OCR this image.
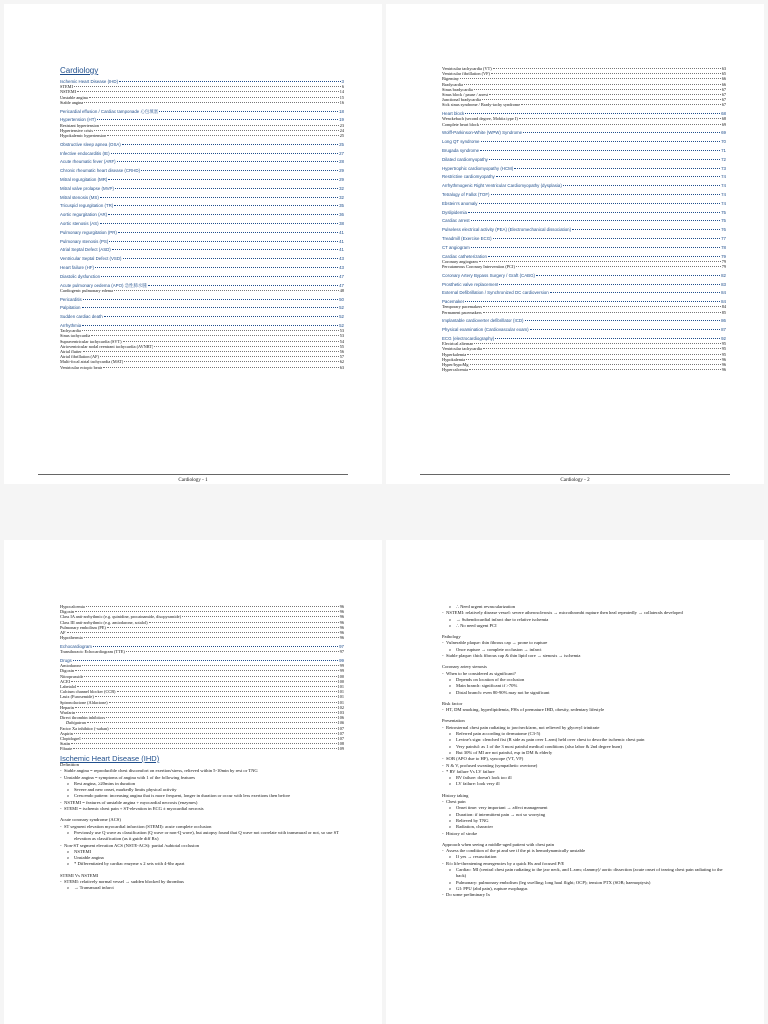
Cardiology
Ischemic Heart Disease (IHD)	3
STEMI	6
NSTEMI	14
Unstable angina	15
Stable angina	16
Pericardial effusion / Cardiac tamponade 心包填塞	18
Hypertension (HT)	19
Resistant hypertension	23
Hypertensive crisis	24
Hypokalemic hypertension	25
Obstructive sleep apnea (OSA)	25
Infective endocarditis (IE)	27
Acute rheumatic fever (ARF)	28
Chronic rheumatic heart disease (CRHD)	29
Mitral regurgitation (MR)	29
Mitral valve prolapse (MVP)	32
Mitral stenosis (MS)	32
Tricuspid regurgitation (TR)	35
Aortic regurgitation (AR)	36
Aortic stenosis (AS)	38
Pulmonary regurgitation (PR)	41
Pulmonary stenosis (PS)	41
Atrial Septal Defect (ASD)	41
Ventricular Septal Defect (VSD)	43
Heart failure (HF)	43
Diastolic dysfunction	47
Acute pulmonary oedema (APO) 急性肺水腫	47
Cardiogenic pulmonary edema	48
Pericarditis	50
Palpitation	52
Sudden cardiac death	52
Arrhythmia	52
Tachycardia	53
Sinus tachycardia	53
Supraventricular tachycardia (SVT)	54
Atrioventricular nodal reentrant tachycardia (AVNRT)	55
Atrial flutter	56
Atrial fibrillation (AF)	57
Multi-focal atrial tachycardia (MAT)	62
Ventricular ectopic beats	63
Cardiology - 1
Ventricular tachycardia (VT)	63
Ventricular fibrillation (VF)	65
Bigeminy	66
Bradycardia	66
Sinus bradycardia	67
Sinus block / pause / arrest	67
Junctional bradycardia	67
Sick sinus syndrome / Brady-tachy syndrome	67
Heart block	68
Wenckebach (second degree, Mobitz type I)	68
Complete heart block	69
Wolff-Parkinson-White (WPW) Syndrome	69
Long QT syndrome	70
Brugada syndrome	71
Dilated cardiomyopathy	72
Hypertrophic cardiomyopathy (HCM)	73
Restrictive cardiomyopathy	74
Arrhythmogenic Right Ventricular Cardiomyopathy (dysplasia)	74
Tetralogy of Fallot (TOF)	74
Ebstein's anomaly	74
Dyslipidemia	75
Cardiac arrest	75
Pulseless electrical activity (PEA) (Electromechanical dissociation)	76
Treadmill (Exercise ECG)	77
CT angiogram	78
Cardiac catheterization	79
Coronary angiogram	79
Percutaneous Coronary Intervention (PCI)	79
Coronary Artery Bypass Surgery / Graft (CABG)	82
Prosthetic valve replacement	83
External Defibrillation / Synchronized DC cardioversion	84
Pacemaker	84
Temporary pacemakers	84
Permanent pacemakers	85
Implantable cardioverter defibrillator (ICD)	86
Physical examination (Cardiovascular exam)	87
ECG (electrocardiography)	92
Electrical alternan	95
Ventricular tachycardia	95
Hyperkalemia	95
Hypokalemia	96
Hyper/hypoMg	96
Hypercalcemia	96
Cardiology - 2
Hypocalcemia	96
Digoxin	96
Class IA anti-arrhythmic (e.g. quinidine, procainamide, disopyramide)	96
Class III anti-arrhythmic (e.g. amiodarone, sotalol)	96
Pulmonary embolism (PE)	96
AF	96
Hypothermia	96
Echocardiogram	97
Transthoracic Echocardiogram (TTE)	97
Drugs	99
Amiodarone	99
Digoxin	99
Nitroprusside	100
ACEI	100
Labetalol	101
Calcium channel blocker (CCB)	101
Lasix (Furosemide)	101
Spironolactone (Aldactone)	101
Heparin	102
Warfarin	103
Direct thrombin inhibitors	106
Dabigatran	106
Factor Xa inhibitor (-xaban)	107
Aspirin	107
Clopidogrel	107
Statin	108
Fibrate	109
Ischemic Heart Disease (IHD)
Definition
- Stable angina = reproducible chest discomfort on exertion/stress, relieved within 5-10min by rest or TNG
- Unstable angina = symptoms of angina with 1 of the following features
o Rest angina, ≥20mins in duration
o Severe and new onset, markedly limits physical activity
o Crescendo pattern: increasing angina that is more frequent, longer in duration or occur with less exertions then before
- NSTEMI = features of unstable angina + myocardial necrosis (enzymes)
- STEMI = ischemic chest pain + ST-elevation in ECG ± myocardial necrosis
Acute coronary syndrome (ACS)
- ST segment elevation myocardial infarction (STEMI): acute complete occlusion
o Previously use Q wave as classification (Q wave or non-Q wave), but autopsy found that Q wave not correlate with transmural or not, so use ST elevation as classification (as it guide diff Rx)
- Non-ST segment elevation ACS (NSTE-ACS): partial /subtotal occlusion
o NSTEMI
o Unstable angina
o * Differentiated by cardiac enzyme x 2 sets with 4-6hr apart
STEMI Vs NSTEMI
- STEMI: relatively normal vessel → sudden blocked by thrombus
o → Transmural infarct
o ∴ Need urgent revascularization
- NSTEMI: relatively disease vessel: severe atherosclerosis → microthrombi rupture then heal repeatedly → collaterals developed
o → Subendocardial infarct due to relative ischemia
o ∴ No need urgent PCI
Pathology
- Vulnerable plaque: thin fibrous cap → prone to rupture
o Once rupture → complete occlusion → infarct
- Stable plaque: thick fibrous cap & thin lipid core → stenosis → ischemia
Coronary artery stenosis
- When to be considered as significant?
o Depends on location of the occlusion
o Main branch: significant if >70%
o Distal branch: even 80-90% may not be significant
Risk factor
- HT, DM smoking, hyperlipidemia, FHx of premature IHD, obesity, sedentary lifestyle
Presentation
- Retrosternal chest pain radiating to jaw/neck/arm, not relieved by glyceryl trinitrate
o Referred pain according to dermatome (C3-5)
o Levine's sign: clenched fist (R side as pain over L arm) held over chest to describe ischemic chest pain
o Very painful: as 1 of the 3 most painful medical conditions (also labor & 2nd degree burn)
o But 30% of MI are not painful, esp in DM & elderly
- SOB (APO due to HF), syncope (VT, VF)
- N & V, profused sweating (sympathetic overtone)
- * RV failure Vs LV failure
o RV failure: doesn't look too ill
o LV failure: look very ill
History taking
- Chest pain
o Onset time: very important → affect management
o Duration: if intermittent pain → not so worrying
o Relieved by TNG
o Radiation, character
- History of stroke
Approach when seeing a middle-aged patient with chest pain
- Assess the condition of the pt and see if the pt is hemodynamically unstable
o If yes → resuscitation
- R/o life-threatening emergencies by a quick Hx and focused P/E
o Cardiac: MI (central chest pain radiating to the jaw neck, and L arm; clammy)/ aortic dissection (acute onset of tearing chest pain radiating to the back)
o Pulmonary: pulmonary embolism (leg swelling; long haul flight; OCP); tension PTX (SOB; haemoptysis)
o GI: PPU (abd pain), rupture esophagus
- Do some preliminary Ix
